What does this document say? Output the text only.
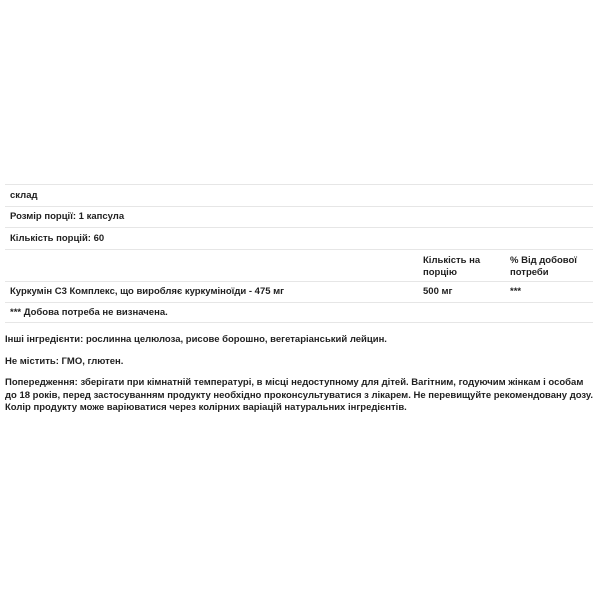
склад
Розмір порції: 1 капсула
Кількість порцій: 60
Кількість на порцію
% Від добової потреби
Куркумін С3 Комплекс, що виробляє куркуміноїди - 475 мг	500 мг	***
*** Добова потреба не визначена.
Інші інгредієнти: рослинна целюлоза, рисове борошно, вегетаріанський лейцин.
Не містить: ГМО, глютен.
Попередження: зберігати при кімнатній температурі, в місці недоступному для дітей. Вагітним, годуючим жінкам і особам до 18 років, перед застосуванням продукту необхідно проконсультуватися з лікарем. Не перевищуйте рекомендовану дозу. Колір продукту може варіюватися через колірних варіацій натуральних інгредієнтів.
